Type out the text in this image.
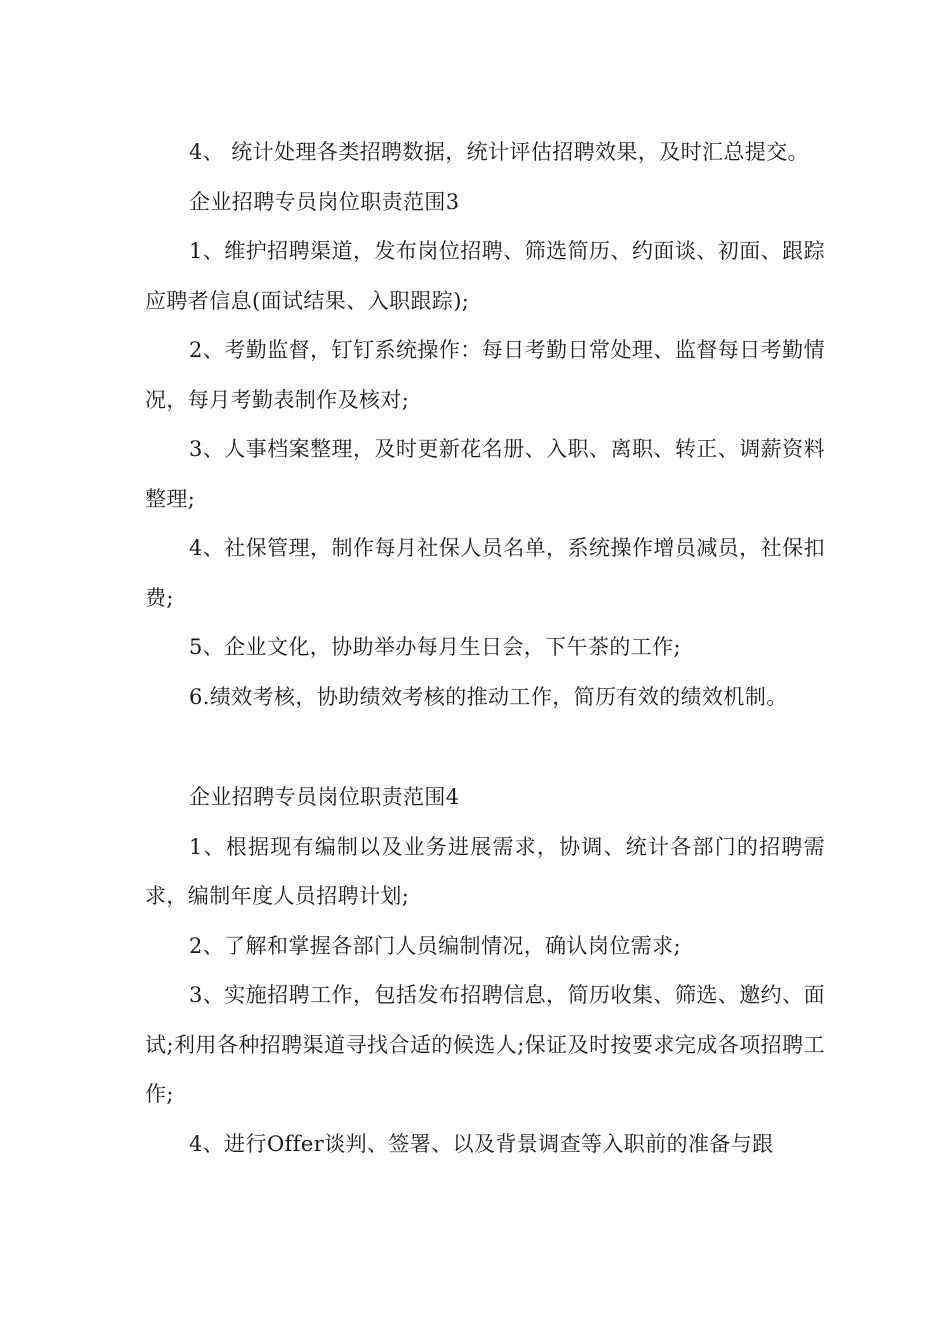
4、 统计处理各类招聘数据，统计评估招聘效果，及时汇总提交。

企业招聘专员岗位职责范围3

1、维护招聘渠道，发布岗位招聘、筛选简历、约面谈、初面、跟踪应聘者信息(面试结果、入职跟踪);

2、考勤监督，钉钉系统操作：每日考勤日常处理、监督每日考勤情况，每月考勤表制作及核对;

3、人事档案整理，及时更新花名册、入职、离职、转正、调薪资料整理;

4、社保管理，制作每月社保人员名单，系统操作增员减员，社保扣费;

5、企业文化，协助举办每月生日会，下午茶的工作;

6.绩效考核，协助绩效考核的推动工作，简历有效的绩效机制。

企业招聘专员岗位职责范围4

1、根据现有编制以及业务进展需求，协调、统计各部门的招聘需求，编制年度人员招聘计划;

2、了解和掌握各部门人员编制情况，确认岗位需求;

3、实施招聘工作，包括发布招聘信息，简历收集、筛选、邀约、面试;利用各种招聘渠道寻找合适的候选人;保证及时按要求完成各项招聘工作;

4、进行Offer谈判、签署、以及背景调查等入职前的准备与跟
